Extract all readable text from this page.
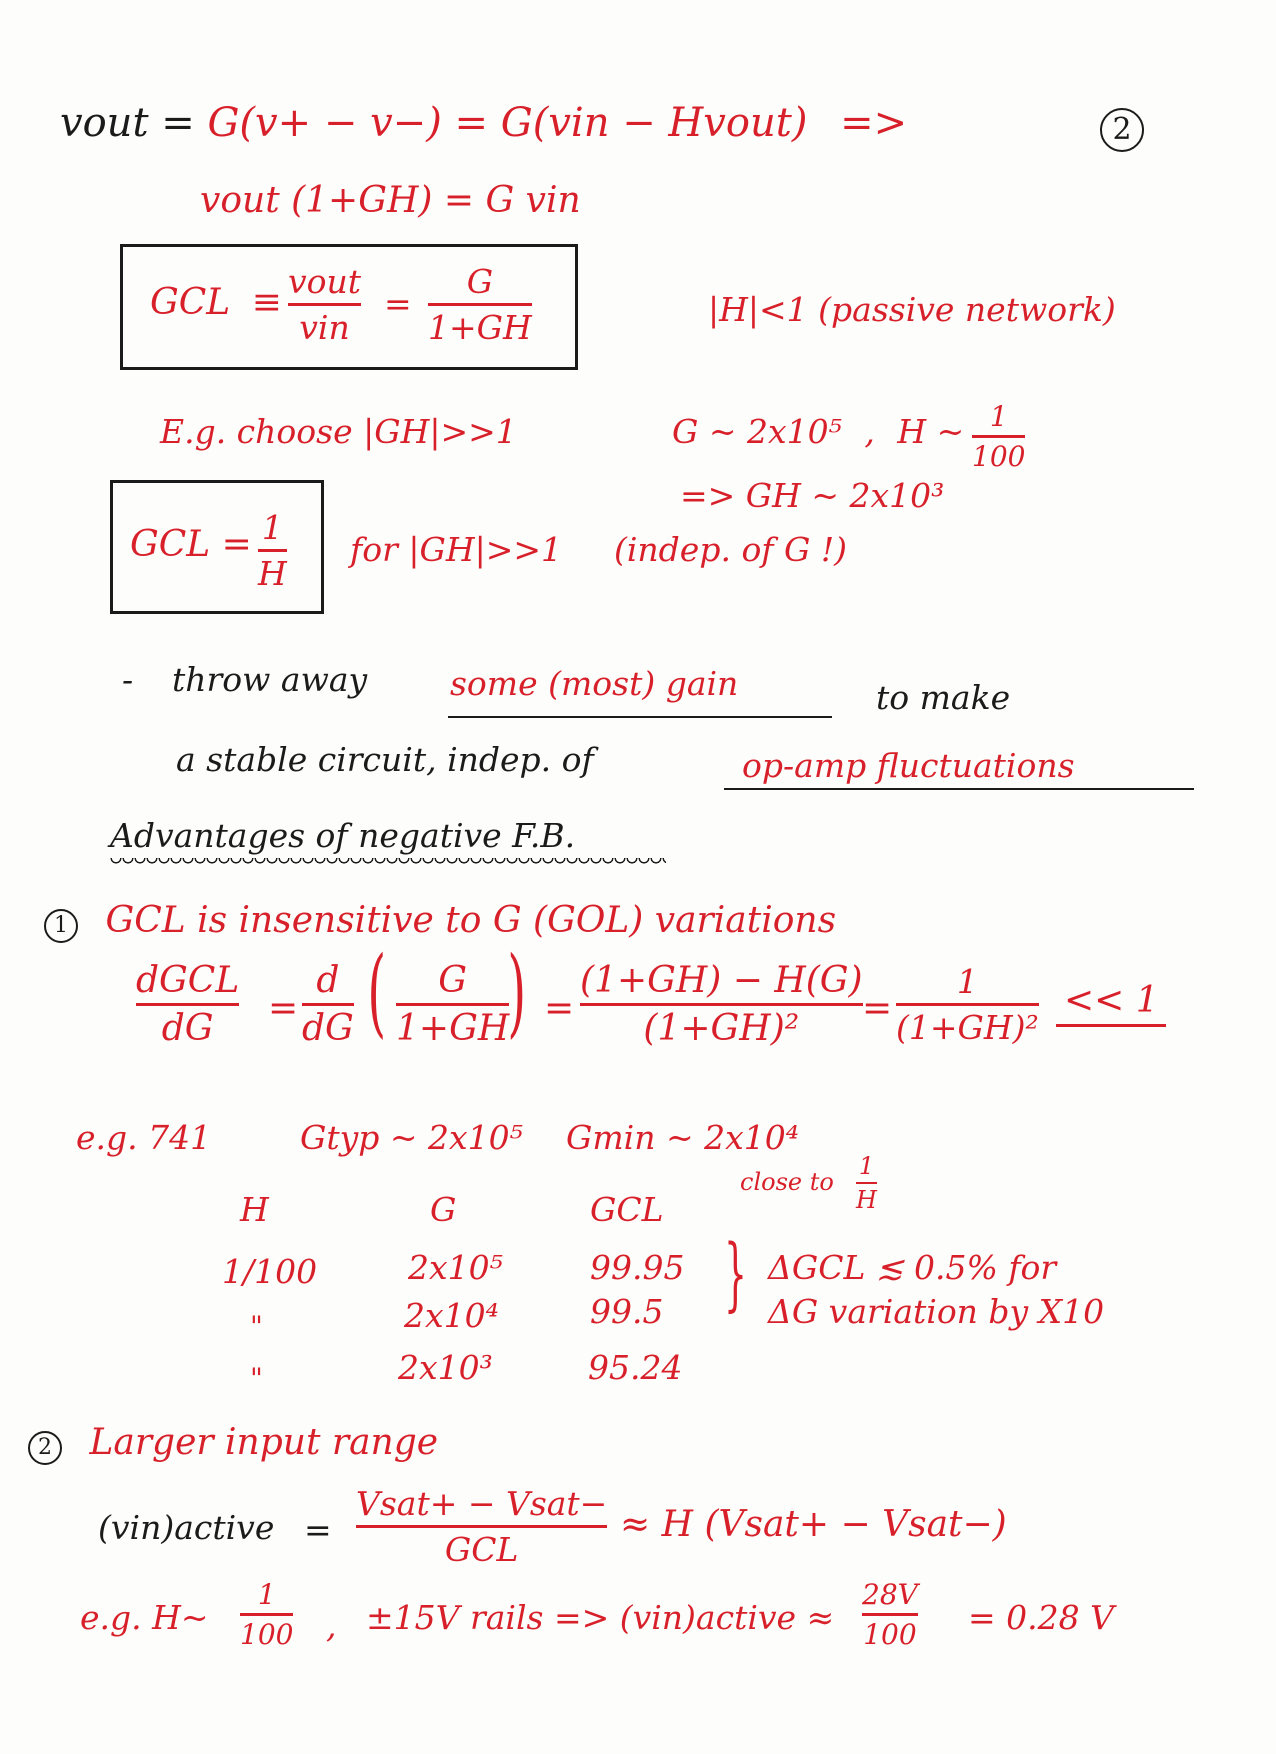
2
vout = G(v+ − v−) = G(vin − Hvout) =>
vout (1+GH) = G vin
GCL ≡
vout
vin
=
G
1+GH	|H|<1 (passive network)
E.g. choose |GH|>>1	G ~ 2x10⁵ , H ~ 1
100
=> GH ~ 2x10³
GCL = 1
H
for |GH|>>1 (indep. of G !)
- throw away	some (most) gain	to make
a stable circuit, indep. of	op-amp fluctuations
Advantages of negative F.B.
1 GCL is insensitive to G (GOL) variations
dGCL
dG =
d
dG ( G
1+GH
) =
(1+GH) − H(G)
(1+GH)² =
1
(1+GH)²
<< 1
e.g. 741	Gtyp ~ 2x10⁵ Gmin ~ 2x10⁴
close to
1
H
H	G	GCL
1/100	2x10⁵	99.95
"	2x10⁴	99.5
"	2x10³	95.24
} ΔGCL ≲ 0.5% for
ΔG variation by X10
2 Larger input range
(vin)active =
Vsat+ − Vsat−
GCL
≈ H (Vsat+ − Vsat−)
e.g. H~
1
100 , ±15V rails => (vin)active ≈
28V
100 = 0.28 V
